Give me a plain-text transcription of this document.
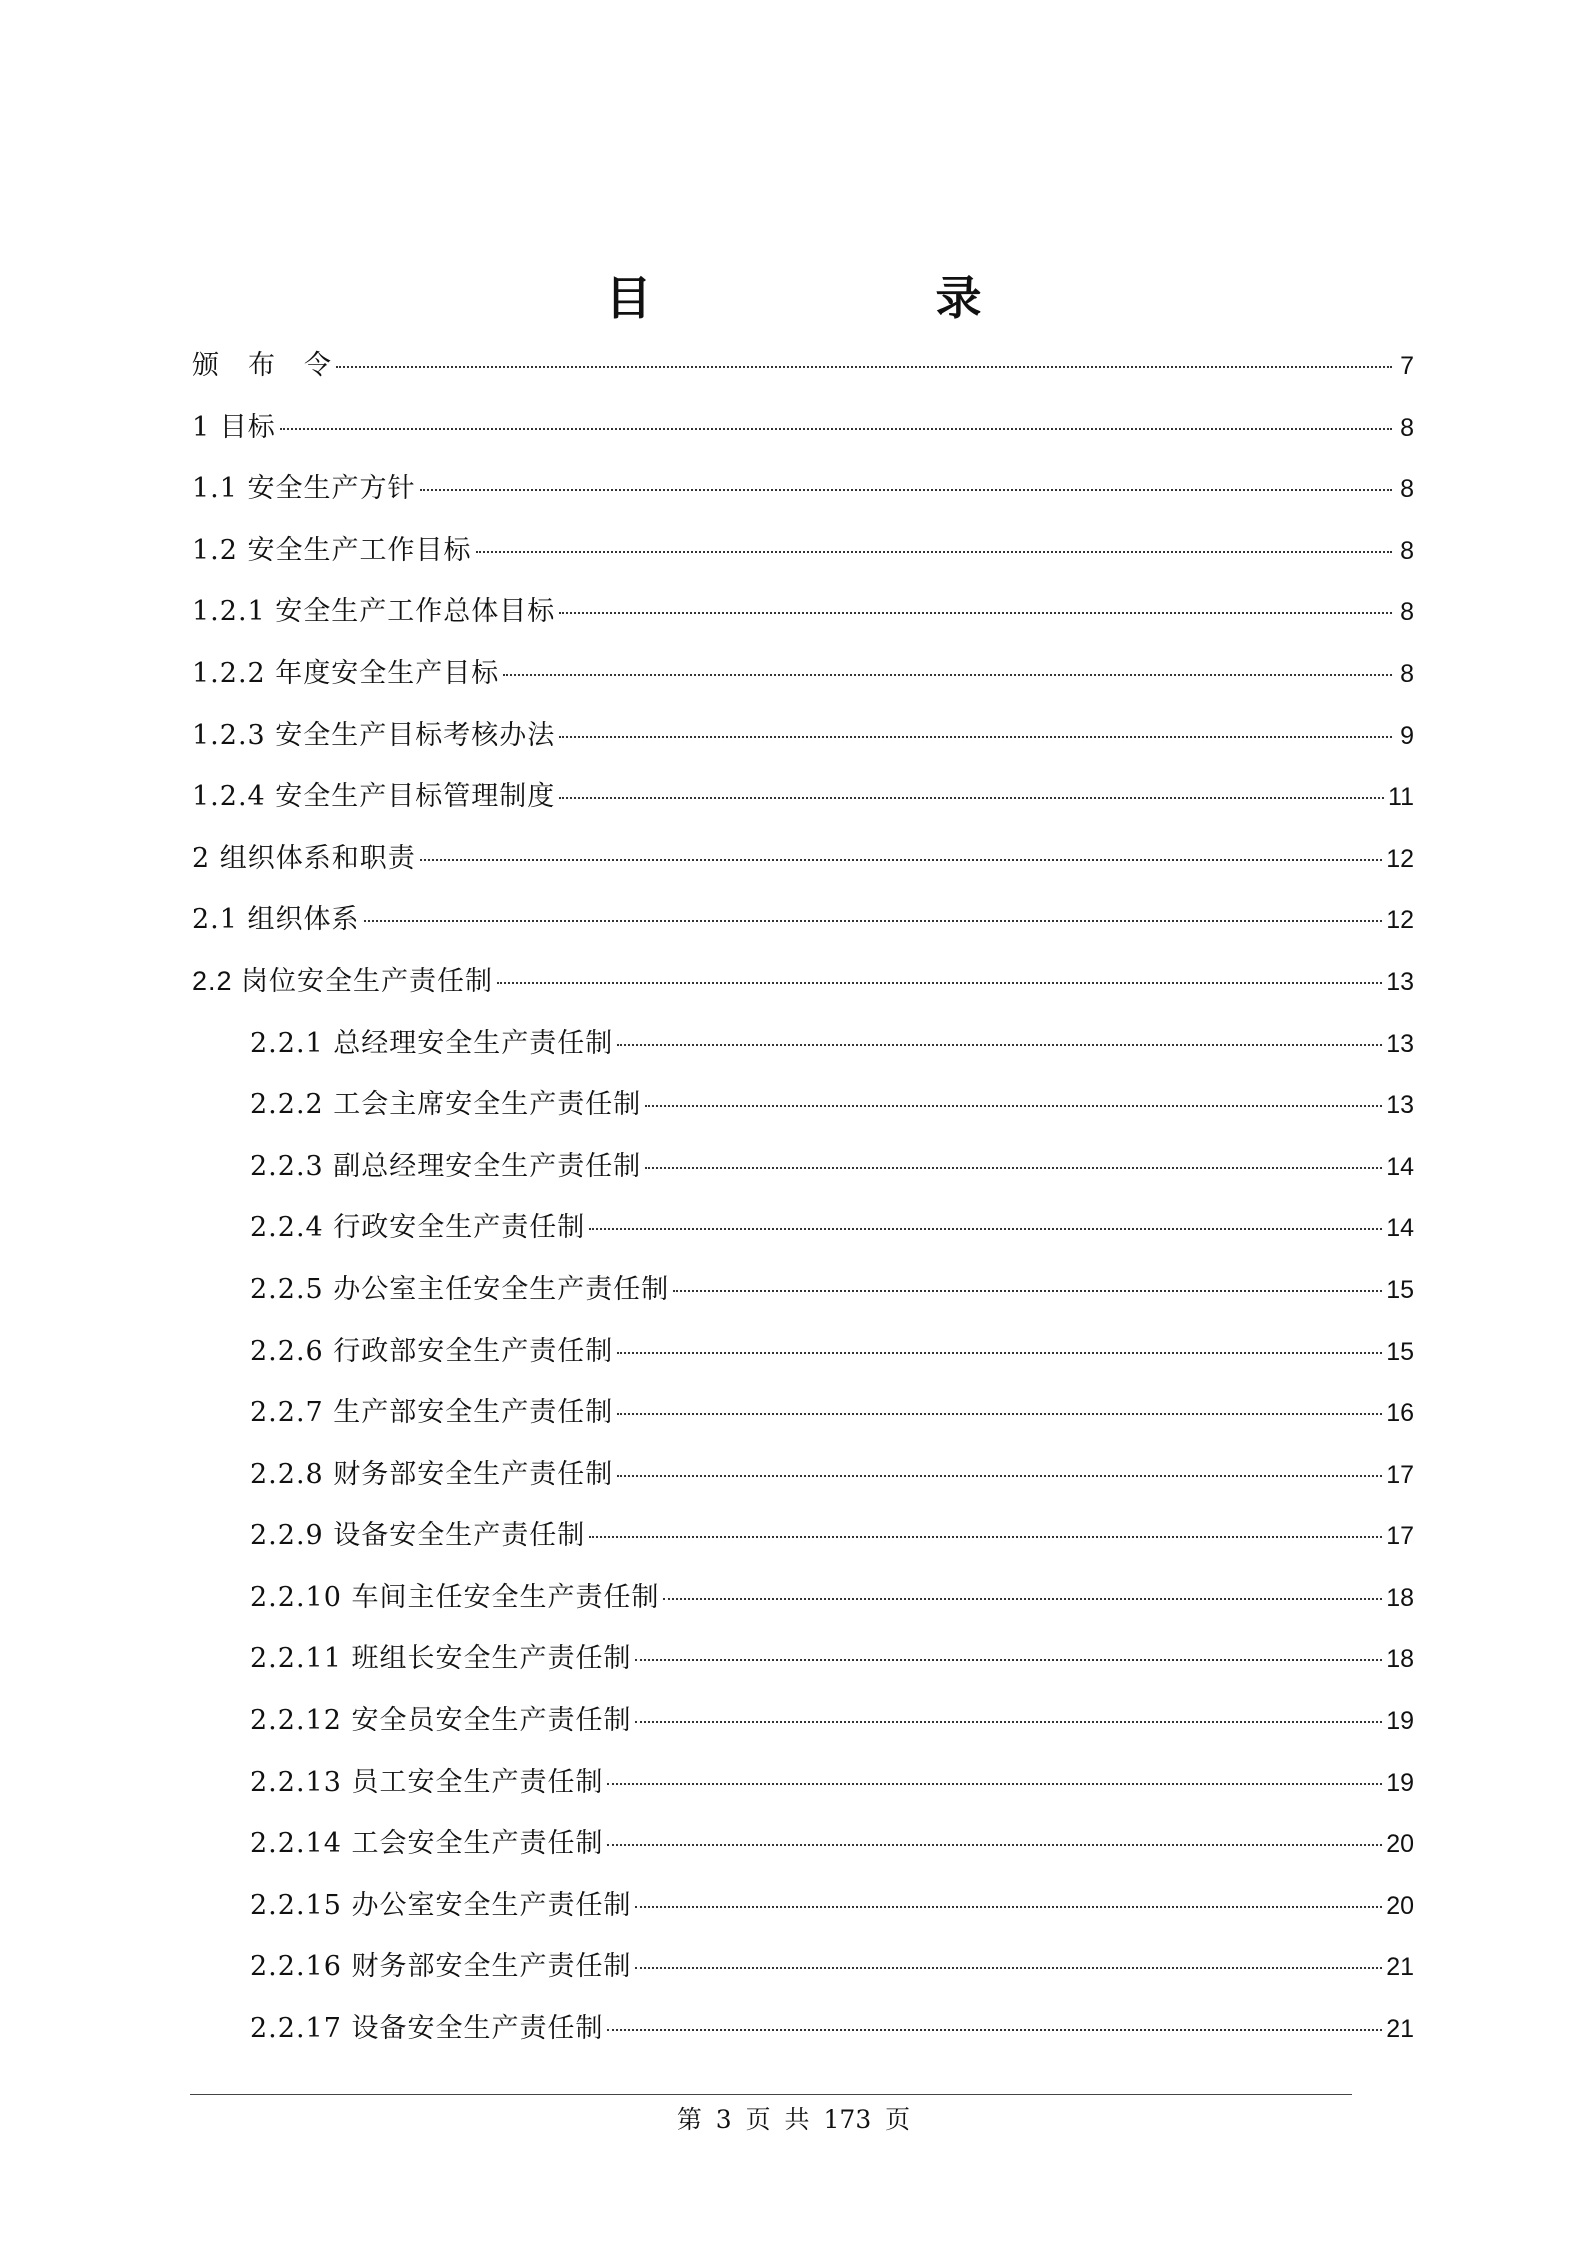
目　　录
颁　布　令	7
1 目标	8
1.1 安全生产方针	8
1.2 安全生产工作目标	8
1.2.1 安全生产工作总体目标	8
1.2.2 年度安全生产目标	8
1.2.3 安全生产目标考核办法	9
1.2.4 安全生产目标管理制度	11
2 组织体系和职责	12
2.1 组织体系	12
2.2 岗位安全生产责任制	13
2.2.1 总经理安全生产责任制	13
2.2.2 工会主席安全生产责任制	13
2.2.3 副总经理安全生产责任制	14
2.2.4 行政安全生产责任制	14
2.2.5 办公室主任安全生产责任制	15
2.2.6 行政部安全生产责任制	15
2.2.7 生产部安全生产责任制	16
2.2.8 财务部安全生产责任制	17
2.2.9 设备安全生产责任制	17
2.2.10 车间主任安全生产责任制	18
2.2.11 班组长安全生产责任制	18
2.2.12 安全员安全生产责任制	19
2.2.13 员工安全生产责任制	19
2.2.14 工会安全生产责任制	20
2.2.15 办公室安全生产责任制	20
2.2.16 财务部安全生产责任制	21
2.2.17 设备安全生产责任制	21
第 3 页 共 173 页
